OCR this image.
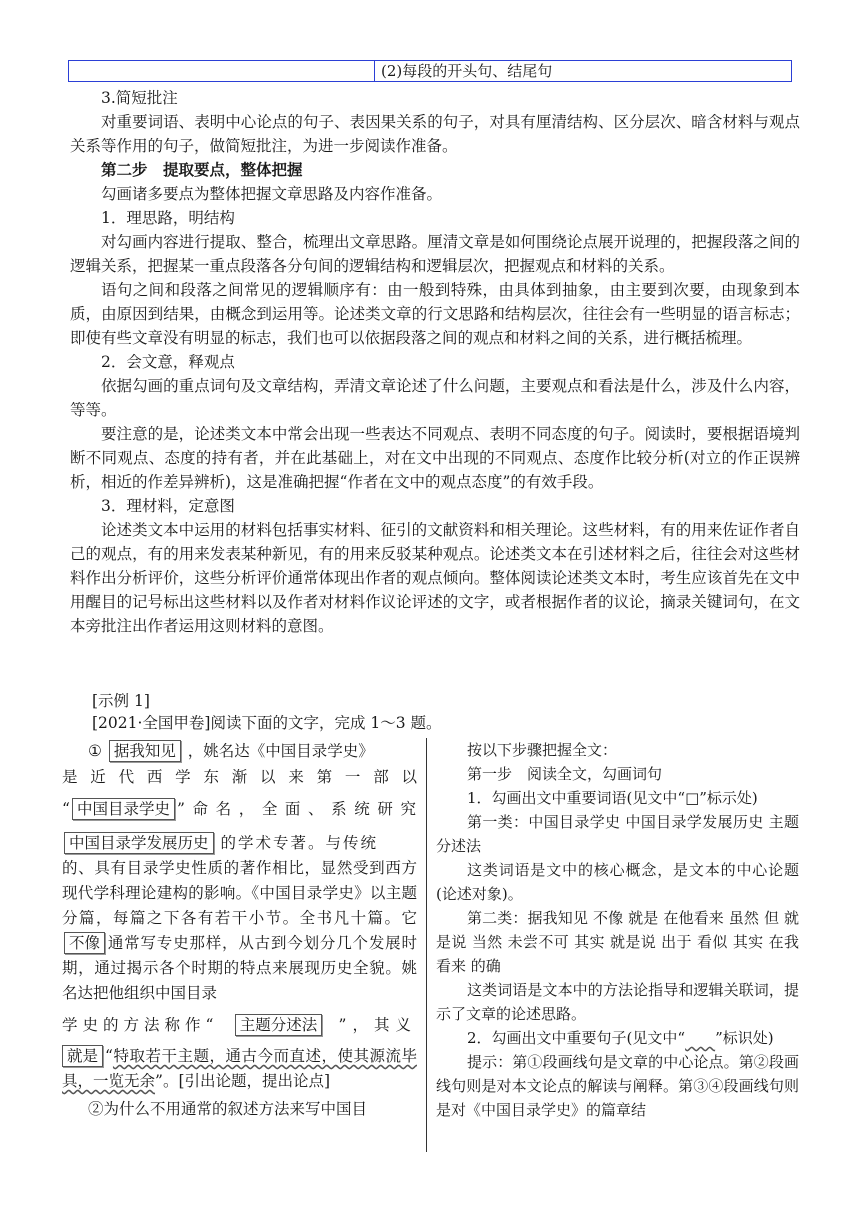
(2)每段的开头句、结尾句

3.简短批注

对重要词语、表明中心论点的句子、表因果关系的句子，对具有厘清结构、区分层次、暗含材料与观点关系等作用的句子，做简短批注，为进一步阅读作准备。

第二步　提取要点，整体把握

勾画诸多要点为整体把握文章思路及内容作准备。

1．理思路，明结构

对勾画内容进行提取、整合，梳理出文章思路。厘清文章是如何围绕论点展开说理的，把握段落之间的逻辑关系，把握某一重点段落各分句间的逻辑结构和逻辑层次，把握观点和材料的关系。

语句之间和段落之间常见的逻辑顺序有：由一般到特殊，由具体到抽象，由主要到次要，由现象到本质，由原因到结果，由概念到运用等。论述类文章的行文思路和结构层次，往往会有一些明显的语言标志；即使有些文章没有明显的标志，我们也可以依据段落之间的观点和材料之间的关系，进行概括梳理。

2．会文意，释观点

依据勾画的重点词句及文章结构，弄清文章论述了什么问题，主要观点和看法是什么，涉及什么内容，等等。

要注意的是，论述类文本中常会出现一些表达不同观点、表明不同态度的句子。阅读时，要根据语境判断不同观点、态度的持有者，并在此基础上，对在文中出现的不同观点、态度作比较分析(对立的作正误辨析，相近的作差异辨析)，这是准确把握“作者在文中的观点态度”的有效手段。

3．理材料，定意图

论述类文本中运用的材料包括事实材料、征引的文献资料和相关理论。这些材料，有的用来佐证作者自己的观点，有的用来发表某种新见，有的用来反驳某种观点。论述类文本在引述材料之后，往往会对这些材料作出分析评价，这些分析评价通常体现出作者的观点倾向。整体阅读论述类文本时，考生应该首先在文中用醒目的记号标出这些材料以及作者对材料作议论评述的文字，或者根据作者的议论，摘录关键词句，在文本旁批注出作者运用这则材料的意图。

[示例 1]
[2021·全国甲卷]阅读下面的文字，完成 1～3 题。
① 据我知见 ，姚名达《中国目录学史》
是近代西学东渐以来第一部以
“ 中国目录学史 ”命名，全面、系统研究
中国目录学发展历史 的学术专著。与传统
的、具有目录学史性质的著作相比，显然受到西方现代学科理论建构的影响。《中国目录学史》以主题分篇，每篇之下各有若干小节。全书凡十篇。它不像 通常写专史那样，从古到今划分几个发展时期，通过揭示各个时期的特点来展现历史全貌。姚名达把他组织中国目录
学史的方法称作“	主题分述法	”，其义
就是 “特取若干主题，通古今而直述，使其源流毕具，一览无余”。[引出论题，提出论点]
②为什么不用通常的叙述方法来写中国目

按以下步骤把握全文：

第一步　阅读全文，勾画词句

1．勾画出文中重要词语(见文中“□”标示处)

第一类：中国目录学史 中国目录学发展历史 主题分述法

这类词语是文中的核心概念，是文本的中心论题(论述对象)。

第二类：据我知见 不像 就是 在他看来 虽然 但 就是说 当然 未尝不可 其实 就是说 出于 看似 其实 在我看来 的确

这类词语是文本中的方法论指导和逻辑关联词，提示了文章的论述思路。

2．勾画出文中重要句子(见文中“　　 ”标识处)

提示：第①段画线句是文章的中心论点。第②段画线句则是对本文论点的解读与阐释。第③④段画线句则是对《中国目录学史》的篇章结
